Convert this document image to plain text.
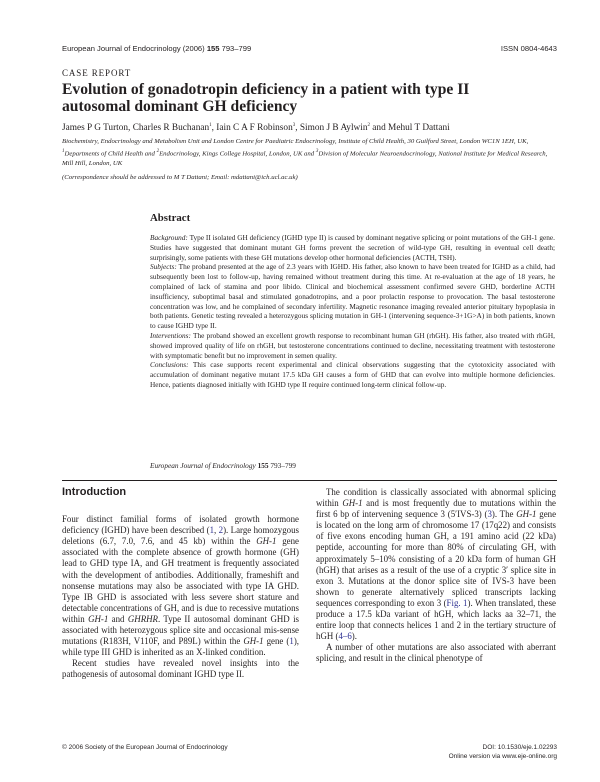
European Journal of Endocrinology (2006) 155 793–799	ISSN 0804-4643
CASE REPORT
Evolution of gonadotropin deficiency in a patient with type II autosomal dominant GH deficiency
James P G Turton, Charles R Buchanan$^1$, Iain C A F Robinson$^3$, Simon J B Aylwin$^2$ and Mehul T Dattani
Biochemistry, Endocrinology and Metabolism Unit and London Centre for Paediatric Endocrinology, Institute of Child Health, 30 Guilford Street, London WC1N 1EH, UK, $^1$Departments of Child Health and $^2$Endocrinology, Kings College Hospital, London, UK and $^3$Division of Molecular Neuroendocrinology, National Institute for Medical Research, Mill Hill, London, UK
(Correspondence should be addressed to M T Dattani; Email: mdattani@ich.ucl.ac.uk)
Abstract

Background: Type II isolated GH deficiency (IGHD type II) is caused by dominant negative splicing or point mutations of the GH-1 gene. Studies have suggested that dominant mutant GH forms prevent the secretion of wild-type GH, resulting in eventual cell death; surprisingly, some patients with these GH mutations develop other hormonal deficiencies (ACTH, TSH).

Subjects: The proband presented at the age of 2.3 years with IGHD. His father, also known to have been treated for IGHD as a child, had subsequently been lost to follow-up, having remained without treatment during this time. At re-evaluation at the age of 18 years, he complained of lack of stamina and poor libido. Clinical and biochemical assessment confirmed severe GHD, borderline ACTH insufficiency, suboptimal basal and stimulated gonadotropins, and a poor prolactin response to provocation. The basal testosterone concentration was low, and he complained of secondary infertility. Magnetic resonance imaging revealed anterior pituitary hypoplasia in both patients. Genetic testing revealed a heterozygous splicing mutation in GH-1 (intervening sequence-3+1G>A) in both patients, known to cause IGHD type II.

Interventions: The proband showed an excellent growth response to recombinant human GH (rhGH). His father, also treated with rhGH, showed improved quality of life on rhGH, but testosterone concentrations continued to decline, necessitating treatment with testosterone with symptomatic benefit but no improvement in semen quality.

Conclusions: This case supports recent experimental and clinical observations suggesting that the cytotoxicity associated with accumulation of dominant negative mutant 17.5 kDa GH causes a form of GHD that can evolve into multiple hormone deficiencies. Hence, patients diagnosed initially with IGHD type II require continued long-term clinical follow-up.

European Journal of Endocrinology 155 793–799
Introduction

Four distinct familial forms of isolated growth hormone deficiency (IGHD) have been described (1, 2). Large homozygous deletions (6.7, 7.0, 7.6, and 45 kb) within the GH-1 gene associated with the complete absence of growth hormone (GH) lead to GHD type IA, and GH treatment is frequently associated with the development of antibodies. Additionally, frameshift and nonsense mutations may also be associated with type IA GHD. Type IB GHD is associated with less severe short stature and detectable concentrations of GH, and is due to recessive mutations within GH-1 and GHRHR. Type II autosomal dominant GHD is associated with heterozygous splice site and occasional mis-sense mutations (R183H, V110F, and P89L) within the GH-1 gene (1), while type III GHD is inherited as an X-linked condition.

Recent studies have revealed novel insights into the pathogenesis of autosomal dominant IGHD type II.

The condition is classically associated with abnormal splicing within GH-1 and is most frequently due to mutations within the first 6 bp of intervening sequence 3 (5′IVS-3) (3). The GH-1 gene is located on the long arm of chromosome 17 (17q22) and consists of five exons encoding human GH, a 191 amino acid (22 kDa) peptide, accounting for more than 80% of circulating GH, with approximately 5–10% consisting of a 20 kDa form of human GH (hGH) that arises as a result of the use of a cryptic 3′ splice site in exon 3. Mutations at the donor splice site of IVS-3 have been shown to generate alternatively spliced transcripts lacking sequences corresponding to exon 3 (Fig. 1). When translated, these produce a 17.5 kDa variant of hGH, which lacks aa 32–71, the entire loop that connects helices 1 and 2 in the tertiary structure of hGH (4–6).

A number of other mutations are also associated with aberrant splicing, and result in the clinical phenotype of

© 2006 Society of the European Journal of Endocrinology	DOI: 10.1530/eje.1.02293
Online version via www.eje-online.org
